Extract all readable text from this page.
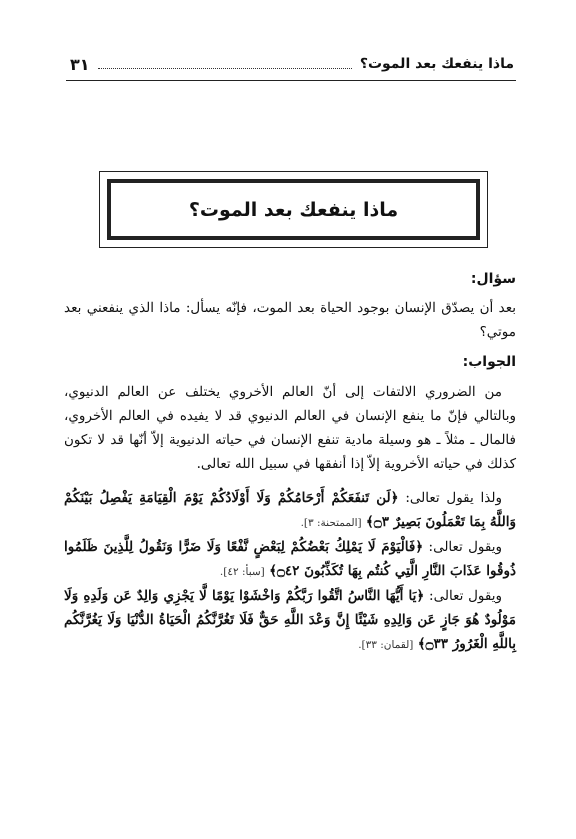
ماذا ينفعك بعد الموت؟
٣١
ماذا ينفعك بعد الموت؟

سؤال:

بعد أن يصدّق الإنسان بوجود الحياة بعد الموت، فإنّه يسأل: ماذا الذي ينفعني بعد موتي؟

الجواب:

من الضروري الالتفات إلى أنّ العالم الأخروي يختلف عن العالم الدنيوي، وبالتالي فإنّ ما ينفع الإنسان في العالم الدنيوي قد لا يفيده في العالم الأخروي، فالمال ـ مثلاً ـ هو وسيلة مادية تنفع الإنسان في حياته الدنيوية إلاّ أنّها قد لا تكون كذلك في حياته الأخروية إلاّ إذا أنفقها في سبيل الله تعالى.

ولذا يقول تعالى: ﴿لَن تَنفَعَكُمْ أَرْحَامُكُمْ وَلَا أَوْلَادُكُمْ يَوْمَ الْقِيَامَةِ يَفْصِلُ بَيْنَكُمْ وَاللَّهُ بِمَا تَعْمَلُونَ بَصِيرٌ ۝٣﴾ [الممتحنة: ٣].

ويقول تعالى: ﴿فَالْيَوْمَ لَا يَمْلِكُ بَعْضُكُمْ لِبَعْضٍ نَّفْعًا وَلَا ضَرًّا وَنَقُولُ لِلَّذِينَ ظَلَمُوا ذُوقُوا عَذَابَ النَّارِ الَّتِي كُنتُم بِهَا تُكَذِّبُونَ ۝٤٢﴾ [سبأ: ٤٢].

ويقول تعالى: ﴿يَا أَيُّهَا النَّاسُ اتَّقُوا رَبَّكُمْ وَاخْشَوْا يَوْمًا لَّا يَجْزِي وَالِدٌ عَن وَلَدِهِ وَلَا مَوْلُودٌ هُوَ جَازٍ عَن وَالِدِهِ شَيْئًا إِنَّ وَعْدَ اللَّهِ حَقٌّ فَلَا تَغُرَّنَّكُمُ الْحَيَاةُ الدُّنْيَا وَلَا يَغُرَّنَّكُم بِاللَّهِ الْغَرُورُ ۝٣٣﴾ [لقمان: ٣٣].
